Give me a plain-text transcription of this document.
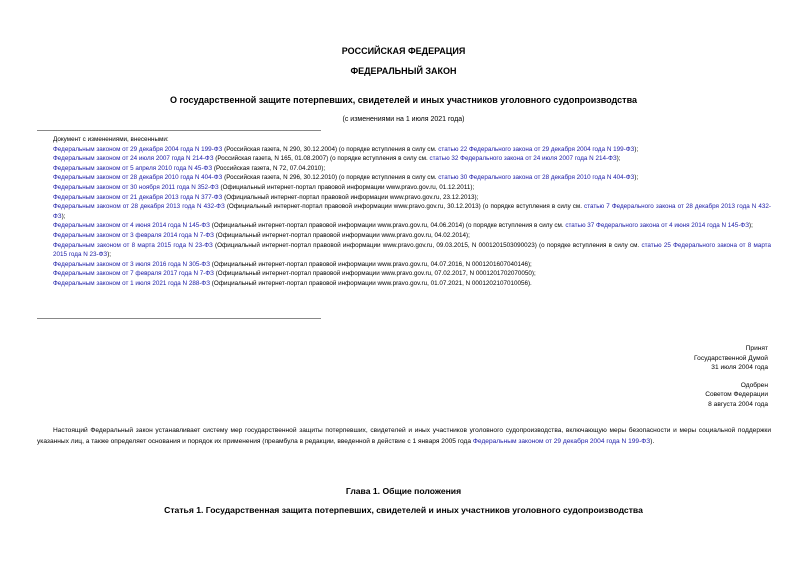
РОССИЙСКАЯ ФЕДЕРАЦИЯ
ФЕДЕРАЛЬНЫЙ ЗАКОН
О государственной защите потерпевших, свидетелей и иных участников уголовного судопроизводства
(с изменениями на 1 июля 2021 года)
Документ с изменениями, внесенными:
Федеральным законом от 29 декабря 2004 года N 199-ФЗ (Российская газета, N 290, 30.12.2004) (о порядке вступления в силу см. статью 22 Федерального закона от 29 декабря 2004 года N 199-ФЗ);
Федеральным законом от 24 июля 2007 года N 214-ФЗ (Российская газета, N 165, 01.08.2007) (о порядке вступления в силу см. статью 32 Федерального закона от 24 июля 2007 года N 214-ФЗ);
Федеральным законом от 5 апреля 2010 года N 45-ФЗ (Российская газета, N 72, 07.04.2010);
Федеральным законом от 28 декабря 2010 года N 404-ФЗ (Российская газета, N 296, 30.12.2010) (о порядке вступления в силу см. статью 30 Федерального закона от 28 декабря 2010 года N 404-ФЗ);
Федеральным законом от 30 ноября 2011 года N 352-ФЗ (Официальный интернет-портал правовой информации www.pravo.gov.ru, 01.12.2011);
Федеральным законом от 21 декабря 2013 года N 377-ФЗ (Официальный интернет-портал правовой информации www.pravo.gov.ru, 23.12.2013);
Федеральным законом от 28 декабря 2013 года N 432-ФЗ (Официальный интернет-портал правовой информации www.pravo.gov.ru, 30.12.2013) (о порядке вступления в силу см. статью 7 Федерального закона от 28 декабря 2013 года N 432-ФЗ);
Федеральным законом от 4 июня 2014 года N 145-ФЗ (Официальный интернет-портал правовой информации www.pravo.gov.ru, 04.06.2014) (о порядке вступления в силу см. статью 37 Федерального закона от 4 июня 2014 года N 145-ФЗ);
Федеральным законом от 3 февраля 2014 года N 7-ФЗ (Официальный интернет-портал правовой информации www.pravo.gov.ru, 04.02.2014);
Федеральным законом от 8 марта 2015 года N 23-ФЗ (Официальный интернет-портал правовой информации www.pravo.gov.ru, 09.03.2015, N 0001201503090023) (о порядке вступления в силу см. статью 25 Федерального закона от 8 марта 2015 года N 23-ФЗ);
Федеральным законом от 3 июля 2016 года N 305-ФЗ (Официальный интернет-портал правовой информации www.pravo.gov.ru, 04.07.2016, N 0001201607040146);
Федеральным законом от 7 февраля 2017 года N 7-ФЗ (Официальный интернет-портал правовой информации www.pravo.gov.ru, 07.02.2017, N 0001201702070050);
Федеральным законом от 1 июля 2021 года N 288-ФЗ (Официальный интернет-портал правовой информации www.pravo.gov.ru, 01.07.2021, N 0001202107010056).
Принят
Государственной Думой
31 июля 2004 года
Одобрен
Советом Федерации
8 августа 2004 года
Настоящий Федеральный закон устанавливает систему мер государственной защиты потерпевших, свидетелей и иных участников уголовного судопроизводства, включающую меры безопасности и меры социальной поддержки указанных лиц, а также определяет основания и порядок их применения (преамбула в редакции, введенной в действие с 1 января 2005 года Федеральным законом от 29 декабря 2004 года N 199-ФЗ).
Глава 1. Общие положения
Статья 1. Государственная защита потерпевших, свидетелей и иных участников уголовного судопроизводства
